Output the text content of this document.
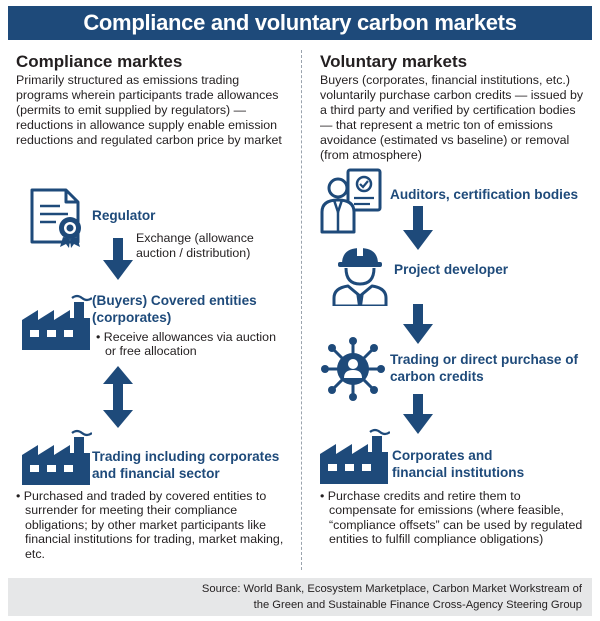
Compliance and voluntary carbon markets
Compliance marktes
Primarily structured as emissions trading programs wherein participants trade allowances (permits to emit supplied by regulators) — reductions in allowance supply enable emission reductions and regulated carbon price by market
Regulator
Exchange (allowance auction / distribution)
(Buyers) Covered entities (corporates)
• Receive allowances via auction or free allocation
Trading including corporates and financial sector
• Purchased and traded by covered entities to surrender for meeting their compliance obligations; by other market participants like financial institutions for trading, market making, etc.
Voluntary markets
Buyers (corporates, financial institutions, etc.) voluntarily purchase carbon credits — issued by a third party and verified by certification bodies — that represent a metric ton of emissions avoidance (estimated vs baseline) or removal (from atmosphere)
Auditors, certification bodies
Project developer
Trading or direct purchase of carbon credits
Corporates and financial institutions
• Purchase credits and retire them to compensate for emissions (where feasible, “compliance offsets” can be used by regulated entities to fulfill compliance obligations)
Source: World Bank, Ecosystem Marketplace, Carbon Market Workstream of
the Green and Sustainable Finance Cross-Agency Steering Group
